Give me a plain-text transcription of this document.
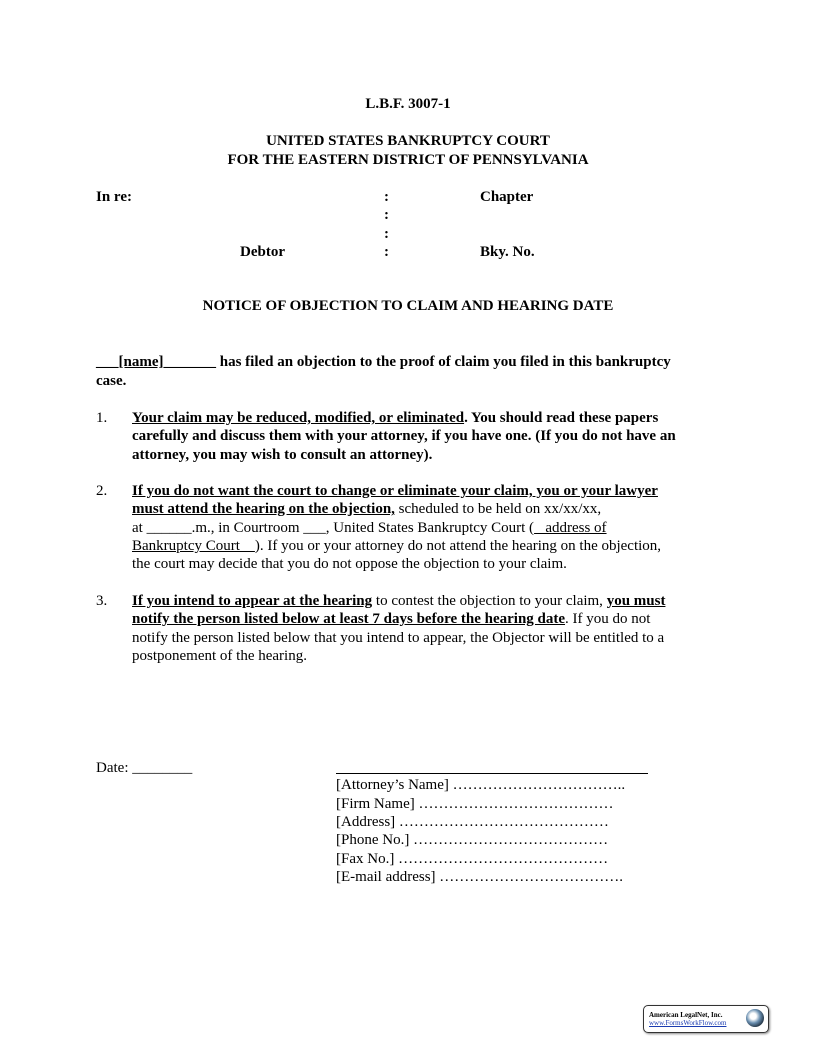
L.B.F. 3007-1
UNITED STATES BANKRUPTCY COURT
FOR THE EASTERN DISTRICT OF PENNSYLVANIA
In re:	:
:
:
:
Chapter
Debtor	Bky. No.
NOTICE OF OBJECTION TO CLAIM AND HEARING DATE
___[name]_______ has filed an objection to the proof of claim you filed in this bankruptcy
case.
1. Your claim may be reduced, modified, or eliminated. You should read these papers
carefully and discuss them with your attorney, if you have one. (If you do not have an
attorney, you may wish to consult an attorney).
2. If you do not want the court to change or eliminate your claim, you or your lawyer
must attend the hearing on the objection, scheduled to be held on xx/xx/xx,
at ______.m., in Courtroom ___, United States Bankruptcy Court (   address of
Bankruptcy Court    ). If you or your attorney do not attend the hearing on the objection,
the court may decide that you do not oppose the objection to your claim.
3. If you intend to appear at the hearing to contest the objection to your claim, you must
notify the person listed below at least 7 days before the hearing date. If you do not
notify the person listed below that you intend to appear, the Objector will be entitled to a
postponement of the hearing.
Date: ________
[Attorney’s Name] ……………………………..
[Firm Name] …………………………………
[Address] ……………………………………
[Phone No.] …………………………………
[Fax No.] ……………………………………
[E-mail address] ……………………………….
American LegalNet, Inc.
www.FormsWorkFlow.com
